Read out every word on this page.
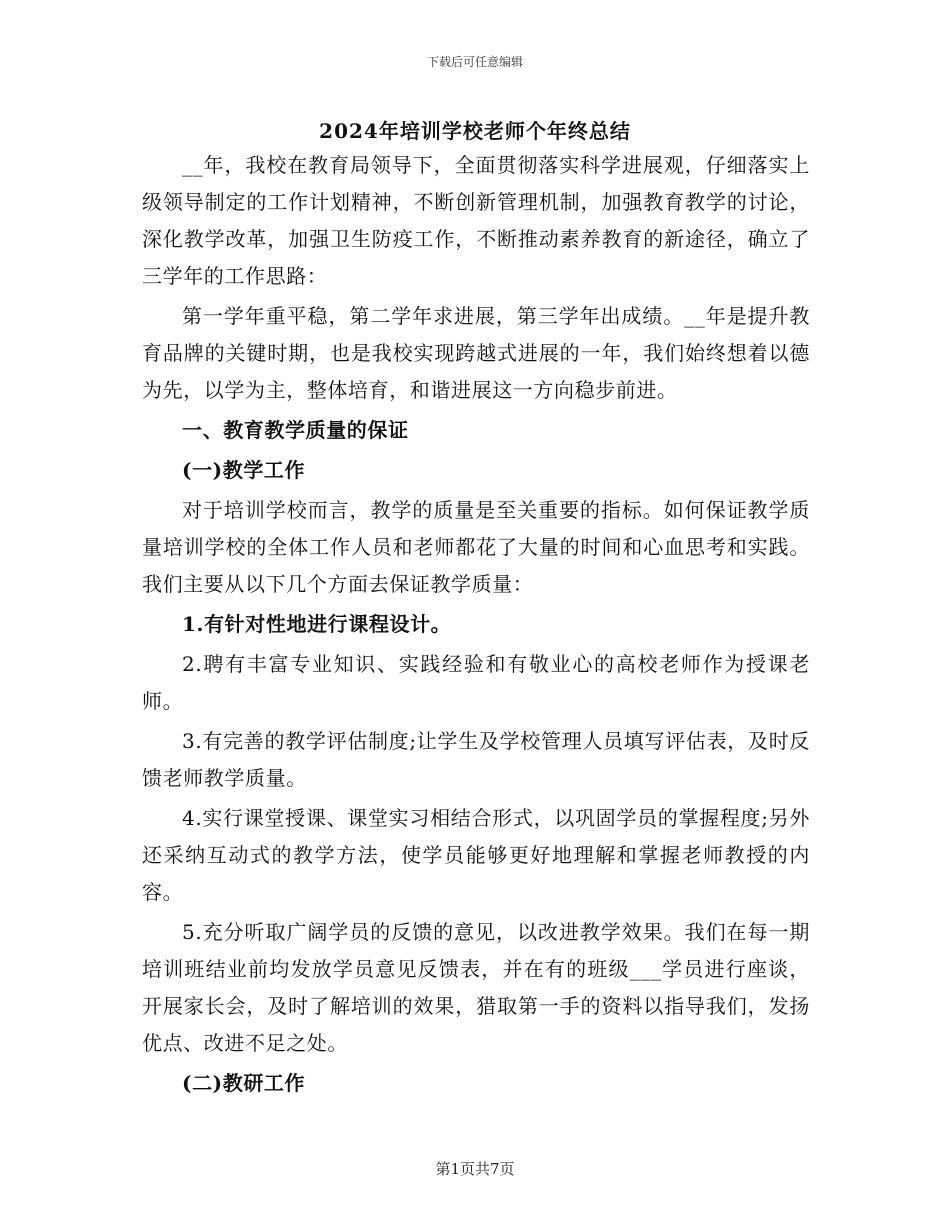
下载后可任意编辑
2024年培训学校老师个年终总结

__年，我校在教育局领导下，全面贯彻落实科学进展观，仔细落实上级领导制定的工作计划精神，不断创新管理机制，加强教育教学的讨论，深化教学改革，加强卫生防疫工作，不断推动素养教育的新途径，确立了三学年的工作思路：

第一学年重平稳，第二学年求进展，第三学年出成绩。__年是提升教育品牌的关键时期，也是我校实现跨越式进展的一年，我们始终想着以德为先，以学为主，整体培育，和谐进展这一方向稳步前进。

一、教育教学质量的保证

(一)教学工作

对于培训学校而言，教学的质量是至关重要的指标。如何保证教学质量培训学校的全体工作人员和老师都花了大量的时间和心血思考和实践。我们主要从以下几个方面去保证教学质量：

1.有针对性地进行课程设计。

2.聘有丰富专业知识、实践经验和有敬业心的高校老师作为授课老师。

3.有完善的教学评估制度;让学生及学校管理人员填写评估表，及时反馈老师教学质量。

4.实行课堂授课、课堂实习相结合形式，以巩固学员的掌握程度;另外还采纳互动式的教学方法，使学员能够更好地理解和掌握老师教授的内容。

5.充分听取广阔学员的反馈的意见，以改进教学效果。我们在每一期培训班结业前均发放学员意见反馈表，并在有的班级___学员进行座谈，开展家长会，及时了解培训的效果，猎取第一手的资料以指导我们，发扬优点、改进不足之处。

(二)教研工作

第1页共7页
